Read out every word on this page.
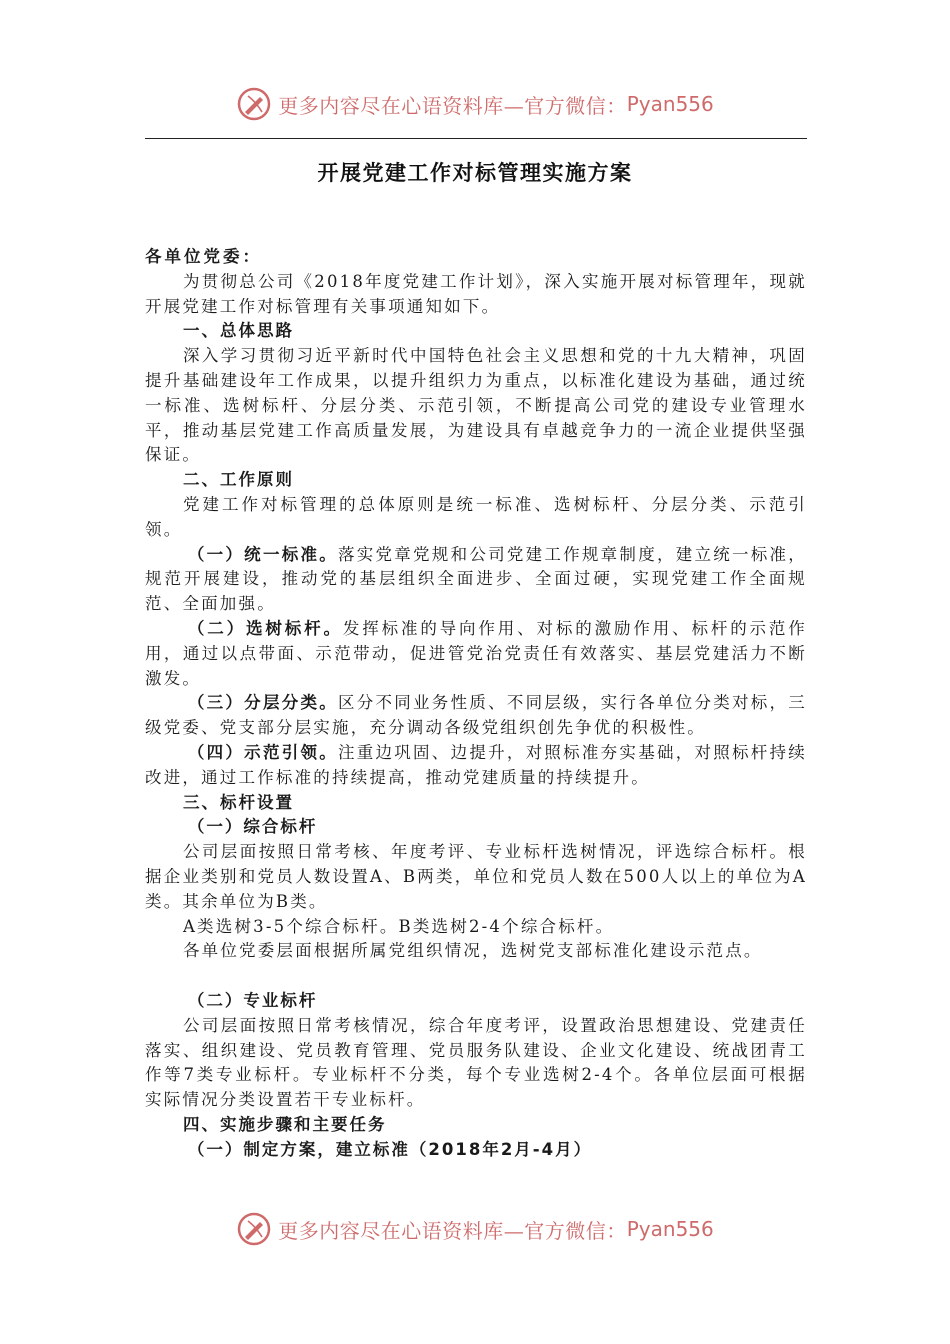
更多内容尽在心语资料库—官方微信： Pyan556
开展党建工作对标管理实施方案

各单位党委：

为贯彻总公司《2018年度党建工作计划》，深入实施开展对标管理年，现就开展党建工作对标管理有关事项通知如下。

一、总体思路

深入学习贯彻习近平新时代中国特色社会主义思想和党的十九大精神，巩固提升基础建设年工作成果，以提升组织力为重点，以标准化建设为基础，通过统一标准、选树标杆、分层分类、示范引领，不断提高公司党的建设专业管理水平，推动基层党建工作高质量发展，为建设具有卓越竞争力的一流企业提供坚强保证。

二、工作原则

党建工作对标管理的总体原则是统一标准、选树标杆、分层分类、示范引领。

（一）统一标准。落实党章党规和公司党建工作规章制度，建立统一标准，规范开展建设，推动党的基层组织全面进步、全面过硬，实现党建工作全面规范、全面加强。

（二）选树标杆。发挥标准的导向作用、对标的激励作用、标杆的示范作用，通过以点带面、示范带动，促进管党治党责任有效落实、基层党建活力不断激发。

（三）分层分类。区分不同业务性质、不同层级，实行各单位分类对标，三级党委、党支部分层实施，充分调动各级党组织创先争优的积极性。

（四）示范引领。注重边巩固、边提升，对照标准夯实基础，对照标杆持续改进，通过工作标准的持续提高，推动党建质量的持续提升。

三、标杆设置

（一）综合标杆

公司层面按照日常考核、年度考评、专业标杆选树情况，评选综合标杆。根据企业类别和党员人数设置A、B两类，单位和党员人数在500人以上的单位为A类。其余单位为B类。

A类选树3-5个综合标杆。B类选树2-4个综合标杆。

各单位党委层面根据所属党组织情况，选树党支部标准化建设示范点。

（二）专业标杆

公司层面按照日常考核情况，综合年度考评，设置政治思想建设、党建责任落实、组织建设、党员教育管理、党员服务队建设、企业文化建设、统战团青工作等7类专业标杆。专业标杆不分类，每个专业选树2-4个。各单位层面可根据实际情况分类设置若干专业标杆。

四、实施步骤和主要任务

（一）制定方案，建立标准（2018年2月-4月）

更多内容尽在心语资料库—官方微信： Pyan556
